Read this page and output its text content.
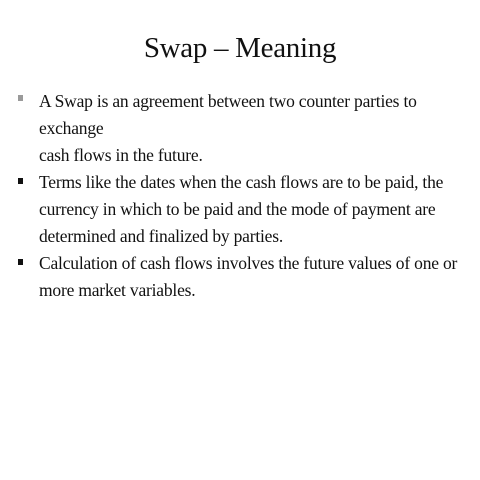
Swap – Meaning
A Swap is an agreement between two counter parties to exchange
cash flows in the future.
Terms like the dates when the cash flows are to be paid, the
currency in which to be paid and the mode of payment are
determined and finalized by parties.
Calculation of cash flows involves the future values of one or
more market variables.
